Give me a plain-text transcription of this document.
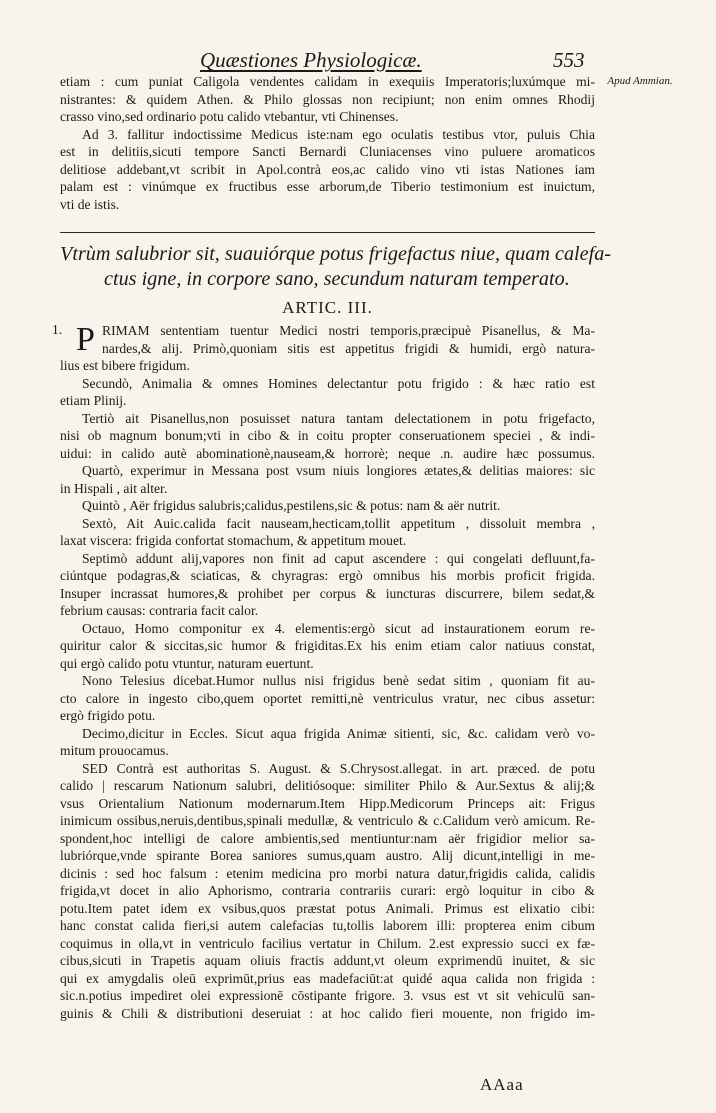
Quæstiones Physiologicæ.	553
Apud Ammian.
etiam : cum puniat Caligola vendentes calidam in exequiis Imperatoris;luxúmque mi-
nistrantes: & quidem Athen. & Philo glossas non recipiunt; non enim omnes Rhodij
crasso vino,sed ordinario potu calido vtebantur, vti Chinenses.
Ad 3. fallitur indoctissime Medicus iste:nam ego oculatis testibus vtor, puluis Chia
est in delitiis,sicuti tempore Sancti Bernardi Cluniacenses vino puluere aromaticos
delitiose addebant,vt scribit in Apol.contrà eos,ac calido vino vti istas Nationes iam
palam est : vinúmque ex fructibus esse arborum,de Tiberio testimonium est inuictum,
vti de istis.
Vtrùm salubrior sit, suauiórque potus frigefactus niue, quam calefa-
ctus igne, in corpore sano, secundum naturam temperato.
ARTIC. III.
1. P RIMAM sententiam tuentur Medici nostri temporis,præcipuè Pisanellus, & Ma-
nardes,& alij. Primò,quoniam sitis est appetitus frigidi & humidi, ergò natura-
lius est bibere frigidum.
Secundò, Animalia & omnes Homines delectantur potu frigido : & hæc ratio est
etiam Plinij.
Tertiò ait Pisanellus,non posuisset natura tantam delectationem in potu frigefacto,
nisi ob magnum bonum;vti in cibo & in coitu propter conseruationem speciei , & indi-
uidui: in calido autè abominationè,nauseam,& horrorè; neque .n. audire hæc possumus.
Quartò, experimur in Messana post vsum niuis longiores ætates,& delitias maiores: sic
in Hispali , ait alter.
Quintò , Aër frigidus salubris;calidus,pestilens,sic & potus: nam & aër nutrit.
Sextò, Ait Auic.calida facit nauseam,hecticam,tollit appetitum , dissoluit membra ,
laxat viscera: frigida confortat stomachum, & appetitum mouet.
Septimò addunt alij,vapores non finit ad caput ascendere : qui congelati defluunt,fa-
ciúntque podagras,& sciaticas, & chyragras: ergò omnibus his morbis proficit frigida.
Insuper incrassat humores,& prohibet per corpus & iuncturas discurrere, bilem sedat,&
febrium causas: contraria facit calor.
Octauo, Homo componitur ex 4. elementis:ergò sicut ad instaurationem eorum re-
quiritur calor & siccitas,sic humor & frigiditas.Ex his enim etiam calor natiuus constat,
qui ergò calido potu vtuntur, naturam euertunt.
Nono Telesius dicebat.Humor nullus nisi frigidus benè sedat sitim , quoniam fit au-
cto calore in ingesto cibo,quem oportet remitti,nè ventriculus vratur, nec cibus assetur:
ergò frigido potu.
Decimo,dicitur in Eccles. Sicut aqua frigida Animæ sitienti, sic, &c. calidam verò vo-
mitum prouocamus.
SED Contrà est authoritas S. August. & S.Chrysost.allegat. in art. præced. de potu
calido | rescarum Nationum salubri, delitiósoque: similiter Philo & Aur.Sextus & alij;&
vsus Orientalium Nationum modernarum.Item Hipp.Medicorum Princeps ait: Frigus
inimicum ossibus,neruis,dentibus,spinali medullæ, & ventriculo & c.Calidum verò amicum. Re-
spondent,hoc intelligi de calore ambientis,sed mentiuntur:nam aër frigidior melior sa-
lubriórque,vnde spirante Borea saniores sumus,quam austro. Alij dicunt,intelligi in me-
dicinis : sed hoc falsum : etenim medicina pro morbi natura datur,frigidis calida, calidis
frigida,vt docet in alio Aphorismo, contraria contrariis curari: ergò loquitur in cibo &
potu.Item patet idem ex vsibus,quos præstat potus Animali. Primus est elixatio cibi:
hanc constat calida fieri,si autem calefacias tu,tollis laborem illi: propterea enim cibum
coquimus in olla,vt in ventriculo facilius vertatur in Chilum. 2.est expressio succi ex fæ-
cibus,sicuti in Trapetis aquam oliuis fractis addunt,vt oleum exprimendū inuitet, & sic
qui ex amygdalis oleū exprimūt,prius eas madefaciūt:at quidé aqua calida non frigida :
sic.n.potius impediret olei expressionē cōstipante frigore. 3. vsus est vt sit vehiculū san-
guinis & Chili & distributioni deseruiat : at hoc calido fieri mouente, non frigido im-
AAaa
